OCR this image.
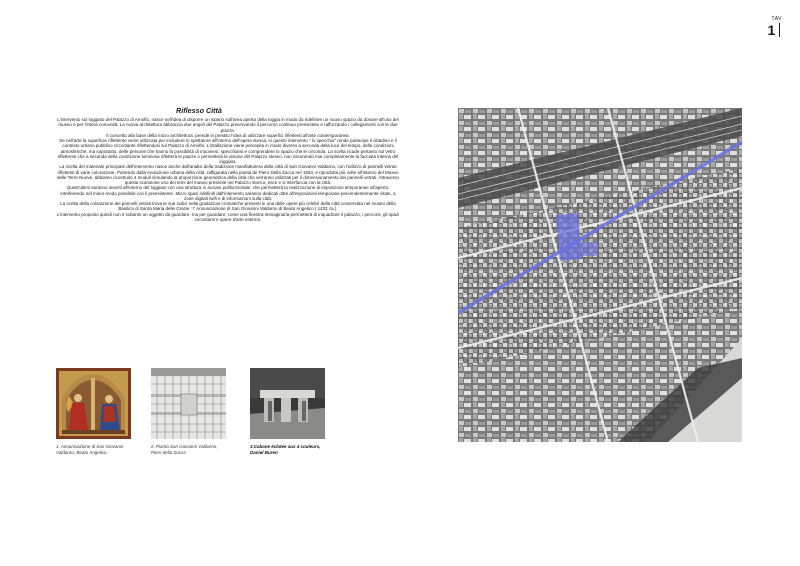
TAV
1
Riflesso Città

L'intervento sul loggiato del Palazzo di Arnolfo, nasce nell'idea di disporre un sipario sull'area aperta della loggia in modo da ridefinire un nuovo spazio da donare all'uso del museo e per l'intera comunità. La nuova architettura abbraccia due angoli del Palazzo preservando il percorso continuo preesistete e rafforzando i collegamenti con le due piazze.

Il concetto alla base della micro architettura, prende in prestito l'idea di utilizzare superfici riflettenti all'arte contemporanea.

Se nell'arte la superficie riflettente viene utilizzata per includere lo spettatore all'interno dell'opera stessa, in questo intervento " lo specchio" rende partecipe il cittadino e il contesto urbano pubblico circostante riflettendosi sul Palazzo di Arnolfo. L'istallazione viene percepita in modo diverso a seconda della luce del tempo, delle condizioni atmosferiche, ma sopratutto, delle persone che hanno la possibilità di muoversi, specchiarsi e comprendere lo spazio che le circonda. La scelta ricade pertanto sul vetro riflettente che a seconda della condizione luminosa rifletterà le piazze o permetterà la visione del Palazzo stesso, non oscurando mai completamente la facciata interna del loggiato.

La scelta del materiale principale dell'intervento nasce anche dall'analisi della tradizione manifatturiera della città di San Giovanni Valdarno, con l'utilizzo di pannelli vetrati riflettenti di varie colorazione. Partendo dalla evoluzione urbana della città, raffigurata nella pianta de Piero Della Zucca nel 1553, e riprodotta più volte all'interno del Museo delle Terre Nuove, abbiamo ricostruito 4 moduli simulando la proporzione geometrica della città che verranno utilizzati per il dimensionamento dei pannelli vetrati. Attraverso questa scansione uno dei temi del museo presente nel Palazzo storico, esce e si interfaccia con la città.

Quest'ultimi saranno inseriti all'interno del loggiato con una struttura in acciaio polifunzionale, che permetterà la realizzazione di esposizioni temporanee all'aperto, interferendo nel minor modo possibile con il preesistente. Micro spazi ridefiniti dall'intervento saranno dedicati oltre all'esposizioni temporane precendentemente citate, a zone digitali /wifi e di informazioni sulla città.

La scelta della colorazione dei pannelli vetrati trova le sue radici nella gradazioni cromatiche presenti in una delle opere più celebri della città conservata nel museo della Basilica di Santa Maria delle Grazie : l' Annunciazione di San Giovanni Valdarno di Beato Angelico ( 1432 ca.).

L'intervento proposto quindi non è soltanto un oggetto da guardare, ma per guardare; come una finestra immaginaria permetterà di inquadrare il palazzo, i percorsi, gli spazi circostanti e opere d'arte esterne.

1. Annunciazione di San Giovanni Valdarno, Beato Angelico
2. Pianta San Giovanni Valdarno, Piero della Zucca
3.Cabane éclatée aux 4 couleurs, Daniel Buren
